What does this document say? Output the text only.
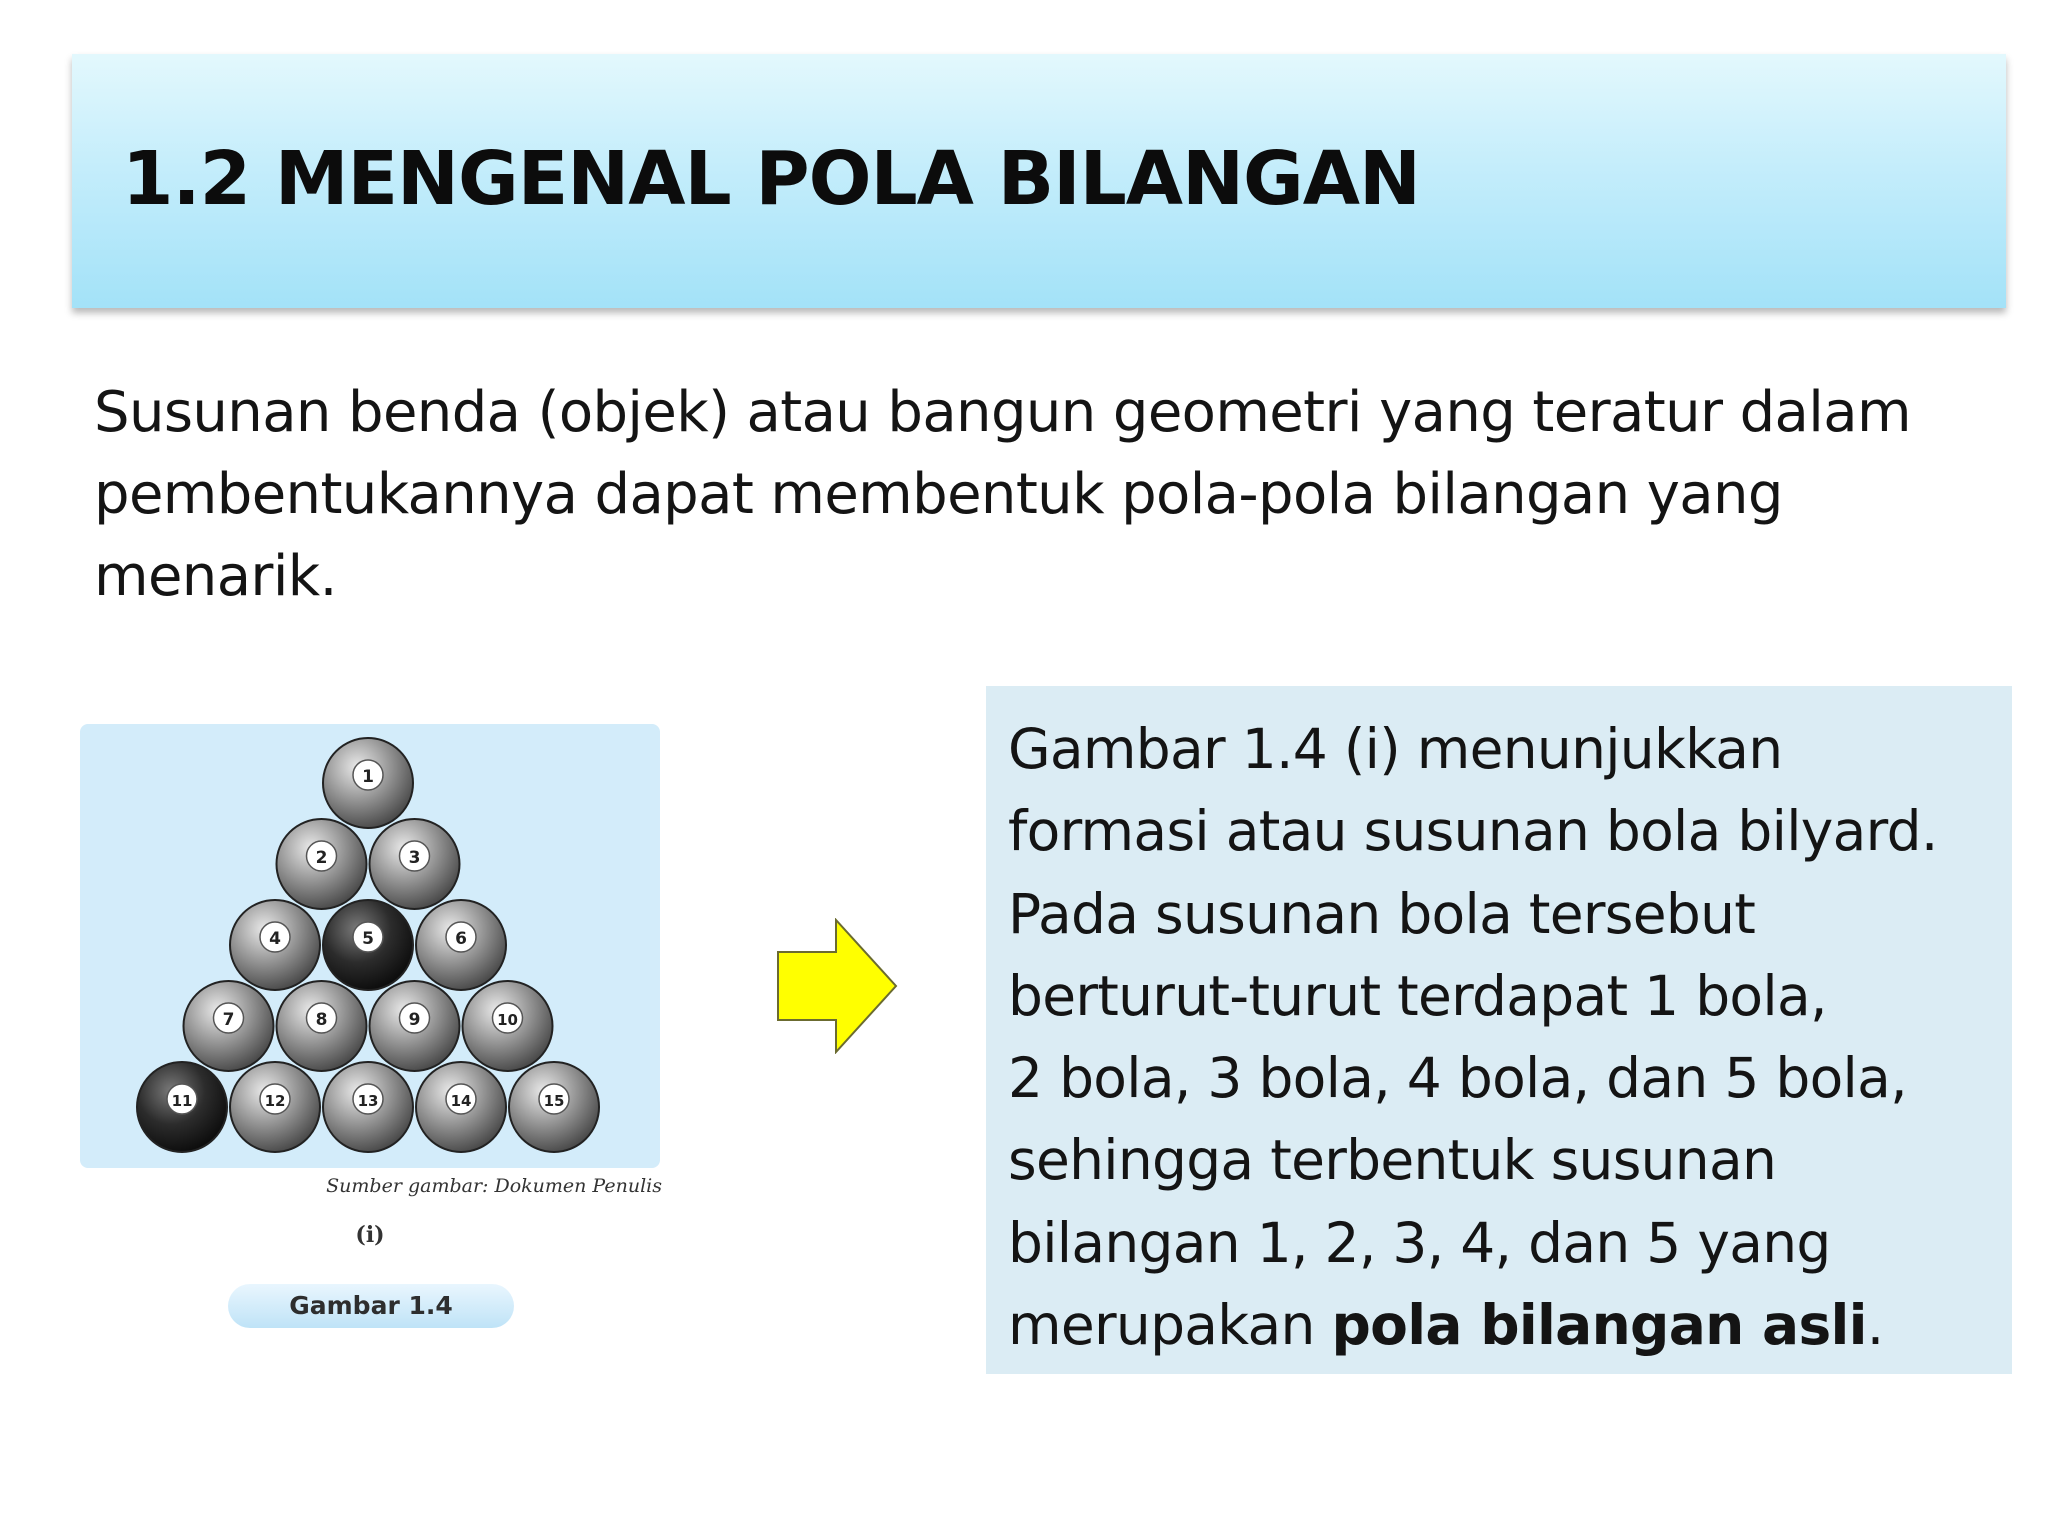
1.2 MENGENAL POLA BILANGAN

Susunan benda (objek) atau bangun geometri yang teratur dalam pembentukannya dapat membentuk pola-pola bilangan yang menarik.

1
2	3
4	5	6
7	8	9	10
11	12	13	14	15
Sumber gambar: Dokumen Penulis
(i)
Gambar 1.4
Gambar 1.4 (i) menunjukkan
formasi atau susunan bola bilyard.
Pada susunan bola tersebut
berturut-turut terdapat 1 bola,
2 bola, 3 bola, 4 bola, dan 5 bola,
sehingga terbentuk susunan
bilangan 1, 2, 3, 4, dan 5 yang
merupakan pola bilangan asli.
